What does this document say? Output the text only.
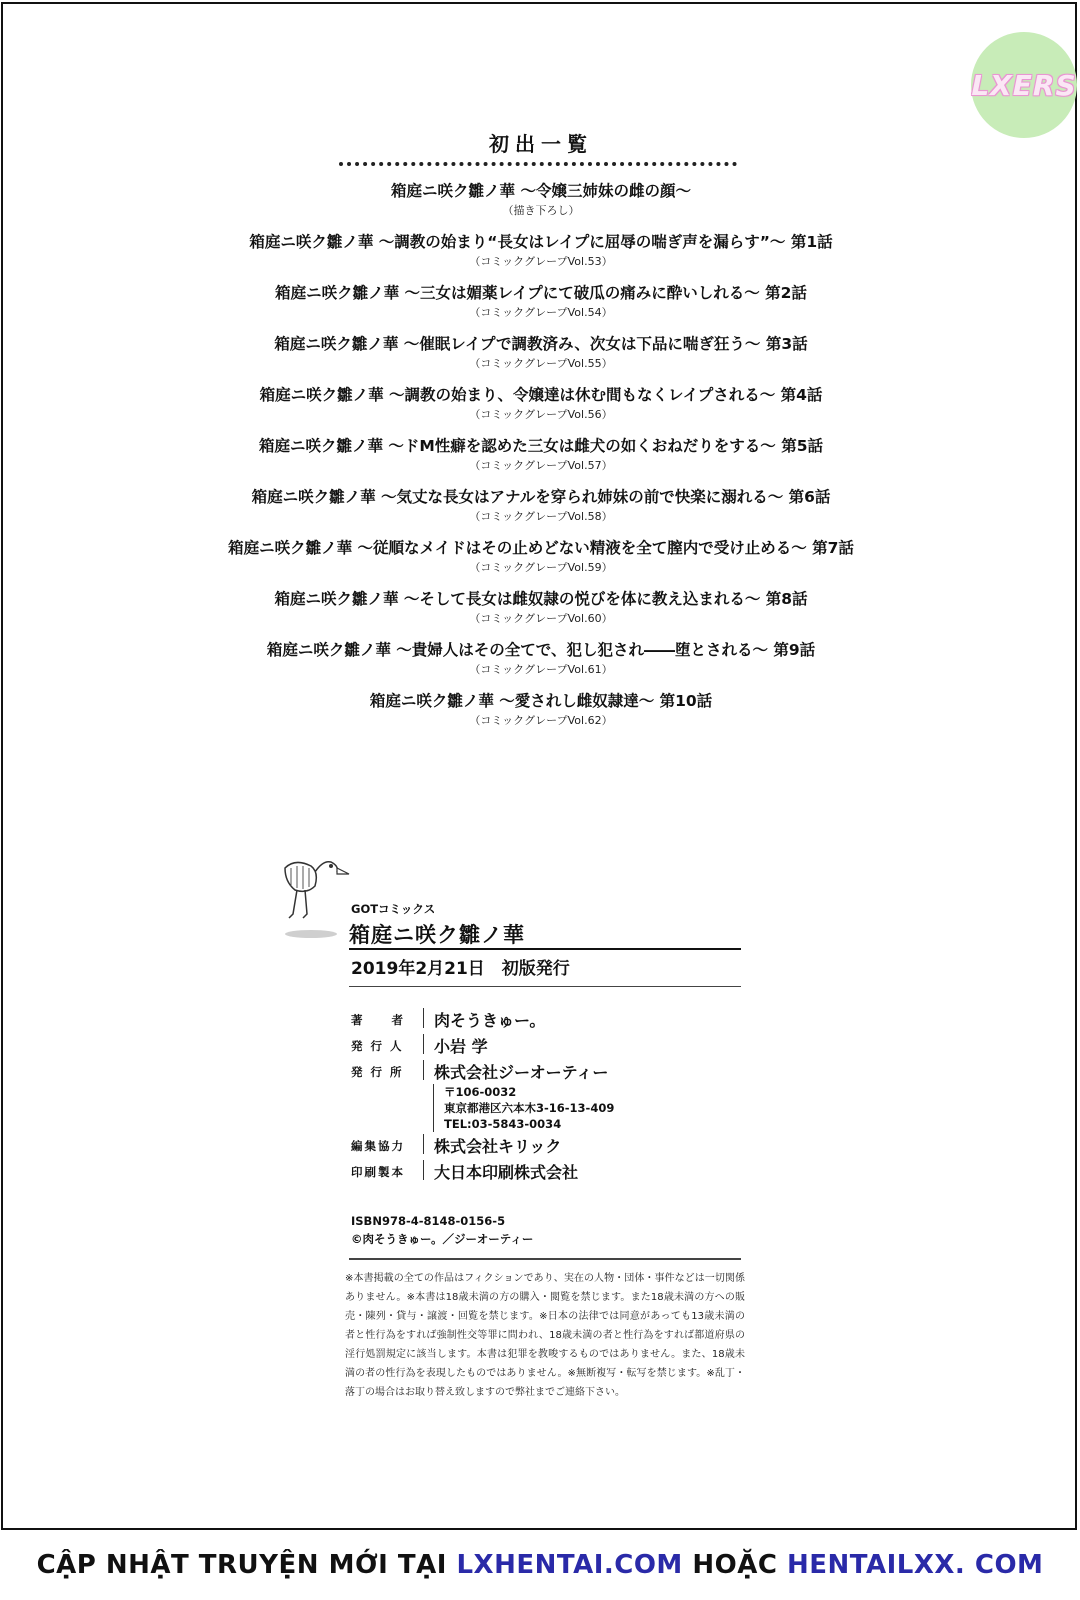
LXERS
初出一覧
箱庭ニ咲ク雛ノ華 ～令嬢三姉妹の雌の顔～
（描き下ろし）
箱庭ニ咲ク雛ノ華 ～調教の始まり“長女はレイプに屈辱の喘ぎ声を漏らす”～ 第1話
（コミックグレープVol.53）
箱庭ニ咲ク雛ノ華 ～三女は媚薬レイプにて破瓜の痛みに酔いしれる～ 第2話
（コミックグレープVol.54）
箱庭ニ咲ク雛ノ華 ～催眠レイプで調教済み、次女は下品に喘ぎ狂う～ 第3話
（コミックグレープVol.55）
箱庭ニ咲ク雛ノ華 ～調教の始まり、令嬢達は休む間もなくレイプされる～ 第4話
（コミックグレープVol.56）
箱庭ニ咲ク雛ノ華 ～ドM性癖を認めた三女は雌犬の如くおねだりをする～ 第5話
（コミックグレープVol.57）
箱庭ニ咲ク雛ノ華 ～気丈な長女はアナルを穿られ姉妹の前で快楽に溺れる～ 第6話
（コミックグレープVol.58）
箱庭ニ咲ク雛ノ華 ～従順なメイドはその止めどない精液を全て膣内で受け止める～ 第7話
（コミックグレープVol.59）
箱庭ニ咲ク雛ノ華 ～そして長女は雌奴隷の悦びを体に教え込まれる～ 第8話
（コミックグレープVol.60）
箱庭ニ咲ク雛ノ華 ～貴婦人はその全てで、犯し犯され――堕とされる～ 第9話
（コミックグレープVol.61）
箱庭ニ咲ク雛ノ華 ～愛されし雌奴隷達～ 第10話
（コミックグレープVol.62）
GOTコミックス
箱庭ニ咲ク雛ノ華
2019年2月21日　初版発行
著　　者	肉そうきゅー。
発 行 人	小岩 学
発 行 所	株式会社ジーオーティー
〒106-0032
東京都港区六本木3-16-13-409
TEL:03-5843-0034
編集協力	株式会社キリック
印刷製本	大日本印刷株式会社
ISBN978-4-8148-0156-5
©肉そうきゅー。／ジーオーティー
※本書掲載の全ての作品はフィクションであり、実在の人物・団体・事件などは一切関係ありません。※本書は18歳未満の方の購入・閲覧を禁じます。また18歳未満の方への販売・陳列・貸与・譲渡・回覧を禁じます。※日本の法律では同意があっても13歳未満の者と性行為をすれば強制性交等罪に問われ、18歳未満の者と性行為をすれば都道府県の淫行処罰規定に該当します。本書は犯罪を教唆するものではありません。また、18歳未満の者の性行為を表現したものではありません。※無断複写・転写を禁じます。※乱丁・落丁の場合はお取り替え致しますので弊社までご連絡下さい。
CẬP NHẬT TRUYỆN MỚI TẠI LXHENTAI.COM HOẶC HENTAILXX. COM
